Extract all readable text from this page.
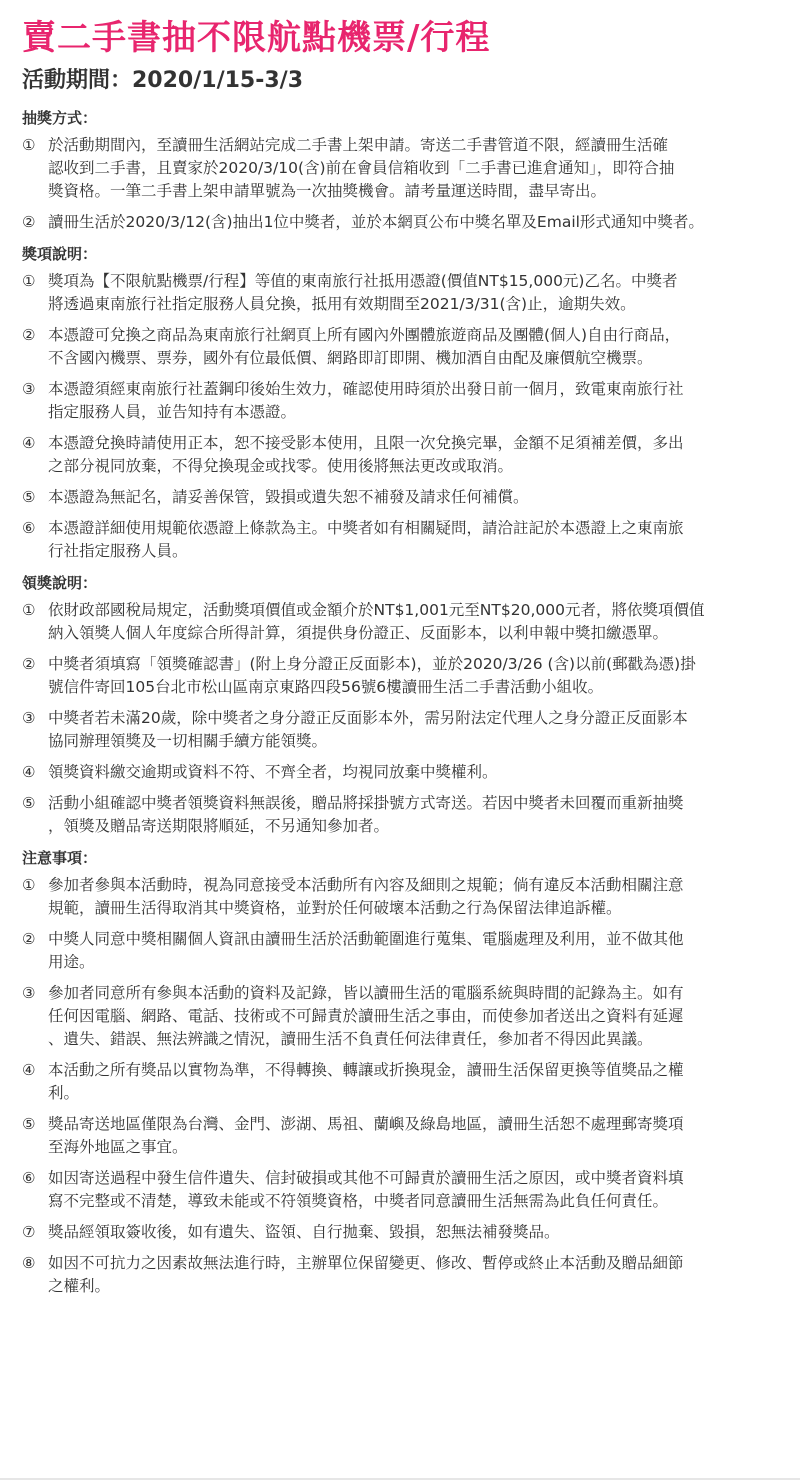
賣二手書抽不限航點機票/行程
活動期間：2020/1/15-3/3
抽獎方式：
① 於活動期間內，至讀冊生活網站完成二手書上架申請。寄送二手書管道不限，經讀冊生活確
認收到二手書，且賣家於2020/3/10(含)前在會員信箱收到「二手書已進倉通知」，即符合抽
獎資格。一筆二手書上架申請單號為一次抽獎機會。請考量運送時間，盡早寄出。
② 讀冊生活於2020/3/12(含)抽出1位中獎者，並於本網頁公布中獎名單及Email形式通知中獎者。
獎項說明：
① 獎項為【不限航點機票/行程】等值的東南旅行社抵用憑證(價值NT$15,000元)乙名。中獎者
將透過東南旅行社指定服務人員兌換，抵用有效期間至2021/3/31(含)止，逾期失效。
② 本憑證可兌換之商品為東南旅行社網頁上所有國內外團體旅遊商品及團體(個人)自由行商品，
不含國內機票、票券，國外有位最低價、網路即訂即開、機加酒自由配及廉價航空機票。
③ 本憑證須經東南旅行社蓋鋼印後始生效力，確認使用時須於出發日前一個月，致電東南旅行社
指定服務人員，並告知持有本憑證。
④ 本憑證兌換時請使用正本，恕不接受影本使用，且限一次兌換完畢，金額不足須補差價，多出
之部分視同放棄，不得兌換現金或找零。使用後將無法更改或取消。
⑤ 本憑證為無記名，請妥善保管，毀損或遺失恕不補發及請求任何補償。
⑥ 本憑證詳細使用規範依憑證上條款為主。中獎者如有相關疑問，請洽註記於本憑證上之東南旅
行社指定服務人員。
領獎說明：
① 依財政部國稅局規定，活動獎項價值或金額介於NT$1,001元至NT$20,000元者，將依獎項價值
納入領獎人個人年度綜合所得計算，須提供身份證正、反面影本，以利申報中獎扣繳憑單。
② 中獎者須填寫「領獎確認書」(附上身分證正反面影本)，並於2020/3/26 (含)以前(郵戳為憑)掛
號信件寄回105台北市松山區南京東路四段56號6樓讀冊生活二手書活動小組收。
③ 中獎者若未滿20歲，除中獎者之身分證正反面影本外，需另附法定代理人之身分證正反面影本
協同辦理領獎及一切相關手續方能領獎。
④ 領獎資料繳交逾期或資料不符、不齊全者，均視同放棄中獎權利。
⑤ 活動小組確認中獎者領獎資料無誤後，贈品將採掛號方式寄送。若因中獎者未回覆而重新抽獎
，領獎及贈品寄送期限將順延，不另通知參加者。
注意事項：
① 參加者參與本活動時，視為同意接受本活動所有內容及細則之規範；倘有違反本活動相關注意
規範，讀冊生活得取消其中獎資格，並對於任何破壞本活動之行為保留法律追訴權。
② 中獎人同意中獎相關個人資訊由讀冊生活於活動範圍進行蒐集、電腦處理及利用，並不做其他
用途。
③ 參加者同意所有參與本活動的資料及記錄，皆以讀冊生活的電腦系統與時間的記錄為主。如有
任何因電腦、網路、電話、技術或不可歸責於讀冊生活之事由，而使參加者送出之資料有延遲
、遺失、錯誤、無法辨識之情況，讀冊生活不負責任何法律責任，參加者不得因此異議。
④ 本活動之所有獎品以實物為準，不得轉換、轉讓或折換現金，讀冊生活保留更換等值獎品之權
利。
⑤ 獎品寄送地區僅限為台灣、金門、澎湖、馬祖、蘭嶼及綠島地區，讀冊生活恕不處理郵寄獎項
至海外地區之事宜。
⑥ 如因寄送過程中發生信件遺失、信封破損或其他不可歸責於讀冊生活之原因，或中獎者資料填
寫不完整或不清楚，導致未能或不符領獎資格，中獎者同意讀冊生活無需為此負任何責任。
⑦ 獎品經領取簽收後，如有遺失、盜領、自行拋棄、毀損，恕無法補發獎品。
⑧ 如因不可抗力之因素故無法進行時，主辦單位保留變更、修改、暫停或終止本活動及贈品細節
之權利。
